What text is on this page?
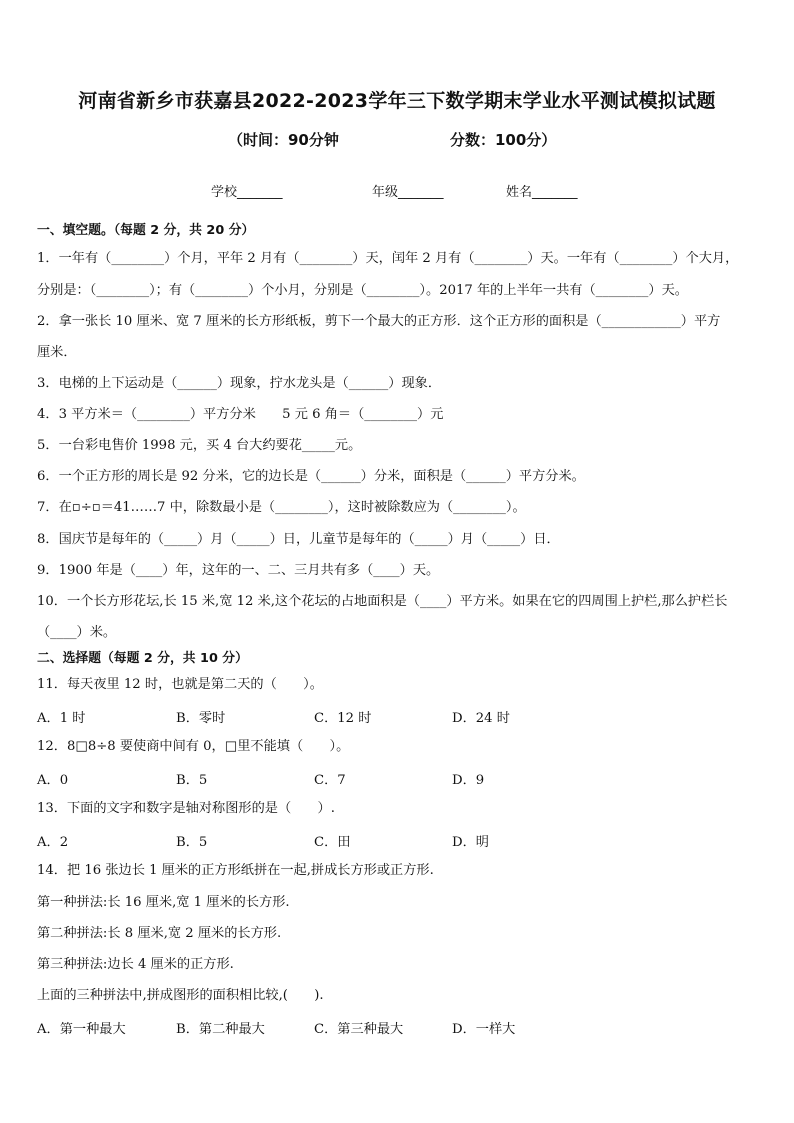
河南省新乡市获嘉县2022-2023学年三下数学期末学业水平测试模拟试题
（时间：90分钟	分数：100分）
学校_______	年级_______	姓名_______
一、填空题。（每题 2 分，共 20 分）
1．一年有（________）个月，平年 2 月有（________）天，闰年 2 月有（________）天。一年有（________）个大月，
分别是：（________）；有（________）个小月，分别是（________）。2017 年的上半年一共有（________）天。
2．拿一张长 10 厘米、宽 7 厘米的长方形纸板，剪下一个最大的正方形．这个正方形的面积是（____________）平方
厘米．
3．电梯的上下运动是（______）现象，拧水龙头是（______）现象．
4．3 平方米＝（________）平方分米　　5 元 6 角＝（________）元
5．一台彩电售价 1998 元，买 4 台大约要花_____元。
6．一个正方形的周长是 92 分米，它的边长是（______）分米，面积是（______）平方分米。
7．在▫÷▫＝41……7 中，除数最小是（________），这时被除数应为（________）。
8．国庆节是每年的（_____）月（_____）日，儿童节是每年的（_____）月（_____）日．
9．1900 年是（____）年，这年的一、二、三月共有多（____）天。
10．一个长方形花坛,长 15 米,宽 12 米,这个花坛的占地面积是（____）平方米。如果在它的四周围上护栏,那么护栏长
（____）米。
二、选择题（每题 2 分，共 10 分）
11．每天夜里 12 时，也就是第二天的（　　）。
A．1 时	B．零时	C．12 时	D．24 时
12．8□8÷8 要使商中间有 0，□里不能填（　　）。
A．0	B．5	C．7	D．9
13．下面的文字和数字是轴对称图形的是（　　）.
A．2	B．5	C．田	D．明
14．把 16 张边长 1 厘米的正方形纸拼在一起,拼成长方形或正方形.
第一种拼法:长 16 厘米,宽 1 厘米的长方形.
第二种拼法:长 8 厘米,宽 2 厘米的长方形.
第三种拼法:边长 4 厘米的正方形.
上面的三种拼法中,拼成图形的面积相比较,(　　).
A．第一种最大	B．第二种最大	C．第三种最大	D．一样大
